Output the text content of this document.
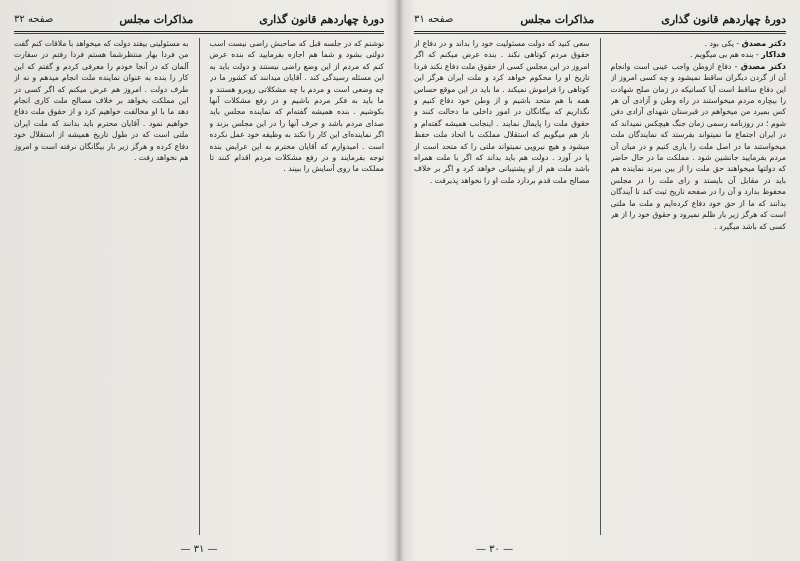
دورهٔ چهاردهم قانون گذاری
مذاکرات مجلس
صفحه ۳۲

نوشتم که در جلسه قبل که صاحبش راضی نیست اسب دولتی بشود و شما هم اجازه بفرمایید که بنده عرض کنم که مردم از این وضع راضی نیستند و دولت باید به این مسئله رسیدگی کند . آقایان میدانند که کشور ما در چه وضعی است و مردم با چه مشکلاتی روبرو هستند و ما باید به فکر مردم باشیم و در رفع مشکلات آنها بکوشیم . بنده همیشه گفته‌ام که نماینده مجلس باید صدای مردم باشد و حرف آنها را در این مجلس بزند و اگر نماینده‌ای این کار را نکند به وظیفه خود عمل نکرده است . امیدوارم که آقایان محترم به این عرایض بنده توجه بفرمایند و در رفع مشکلات مردم اقدام کنند تا مملکت ما روی آسایش را ببیند .

به مسئولیتی بیفتد دولت که میخواهد با ملاقات کنم گفت من فردا بهار منتظرشما هستم فردا رفتم در سفارت آلمان که در آنجا خودم را معرفی کردم و گفتم که این کار را بنده به عنوان نماینده ملت انجام میدهم و نه از طرف دولت . امروز هم عرض میکنم که اگر کسی در این مملکت بخواهد بر خلاف مصالح ملت کاری انجام دهد ما با او مخالفت خواهیم کرد و از حقوق ملت دفاع خواهیم نمود . آقایان محترم باید بدانند که ملت ایران ملتی است که در طول تاریخ همیشه از استقلال خود دفاع کرده و هرگز زیر بار بیگانگان نرفته است و امروز هم نخواهد رفت .

— ۳۱ —
دورهٔ چهاردهم قانون گذاری
مذاکرات مجلس
صفحه ۳۱

دکتر مصدق - یکی بود .

فداکار - بنده هم بی میگویم .

دکتر مصدق - دفاع ازوطن واجب عینی است وانجام آن از گردن دیگران ساقط نمیشود و چه کسی امروز از این دفاع ساقط است آیا کسانیکه در زمان صلح شهادت را بیچاره مردم میخواستند در راه وطن و آزادی آن هر کس بمیرد من میخواهم در قبرستان شهدای آزادی دفن شوم ؛ در روزنامه رسمی زمان جنگ هیچکس نمیداند که در ایران اجتماع ما نمیتواند بفرستد که نمایندگان ملت میخواستند ما در اصل ملت را یاری کنیم و در میان آن مردم بفرمایید جانشین شود . مملکت ما در حال حاضر که دولتها میخواهند حق ملت را از بین ببرند نماینده هم باید در مقابل آن بایستد و رای ملت را در مجلس محفوظ بدارد و آن را در صفحه تاریخ ثبت کند تا آیندگان بدانند که ما از حق خود دفاع کرده‌ایم و ملت ما ملتی است که هرگز زیر بار ظلم نمیرود و حقوق خود را از هر کسی که باشد میگیرد .

سعی کنید که دولت مسئولیت خود را بداند و در دفاع از حقوق مردم کوتاهی نکند . بنده عرض میکنم که اگر امروز در این مجلس کسی از حقوق ملت دفاع نکند فردا تاریخ او را محکوم خواهد کرد و ملت ایران هرگز این کوتاهی را فراموش نمیکند . ما باید در این موقع حساس همه با هم متحد باشیم و از وطن خود دفاع کنیم و نگذاریم که بیگانگان در امور داخلی ما دخالت کنند و حقوق ملت را پایمال نمایند . اینجانب همیشه گفته‌ام و باز هم میگویم که استقلال مملکت با اتحاد ملت حفظ میشود و هیچ نیرویی نمیتواند ملتی را که متحد است از پا در آورد . دولت هم باید بداند که اگر با ملت همراه باشد ملت هم از او پشتیبانی خواهد کرد و اگر بر خلاف مصالح ملت قدم بردارد ملت او را نخواهد پذیرفت .

— ۳۰ —
